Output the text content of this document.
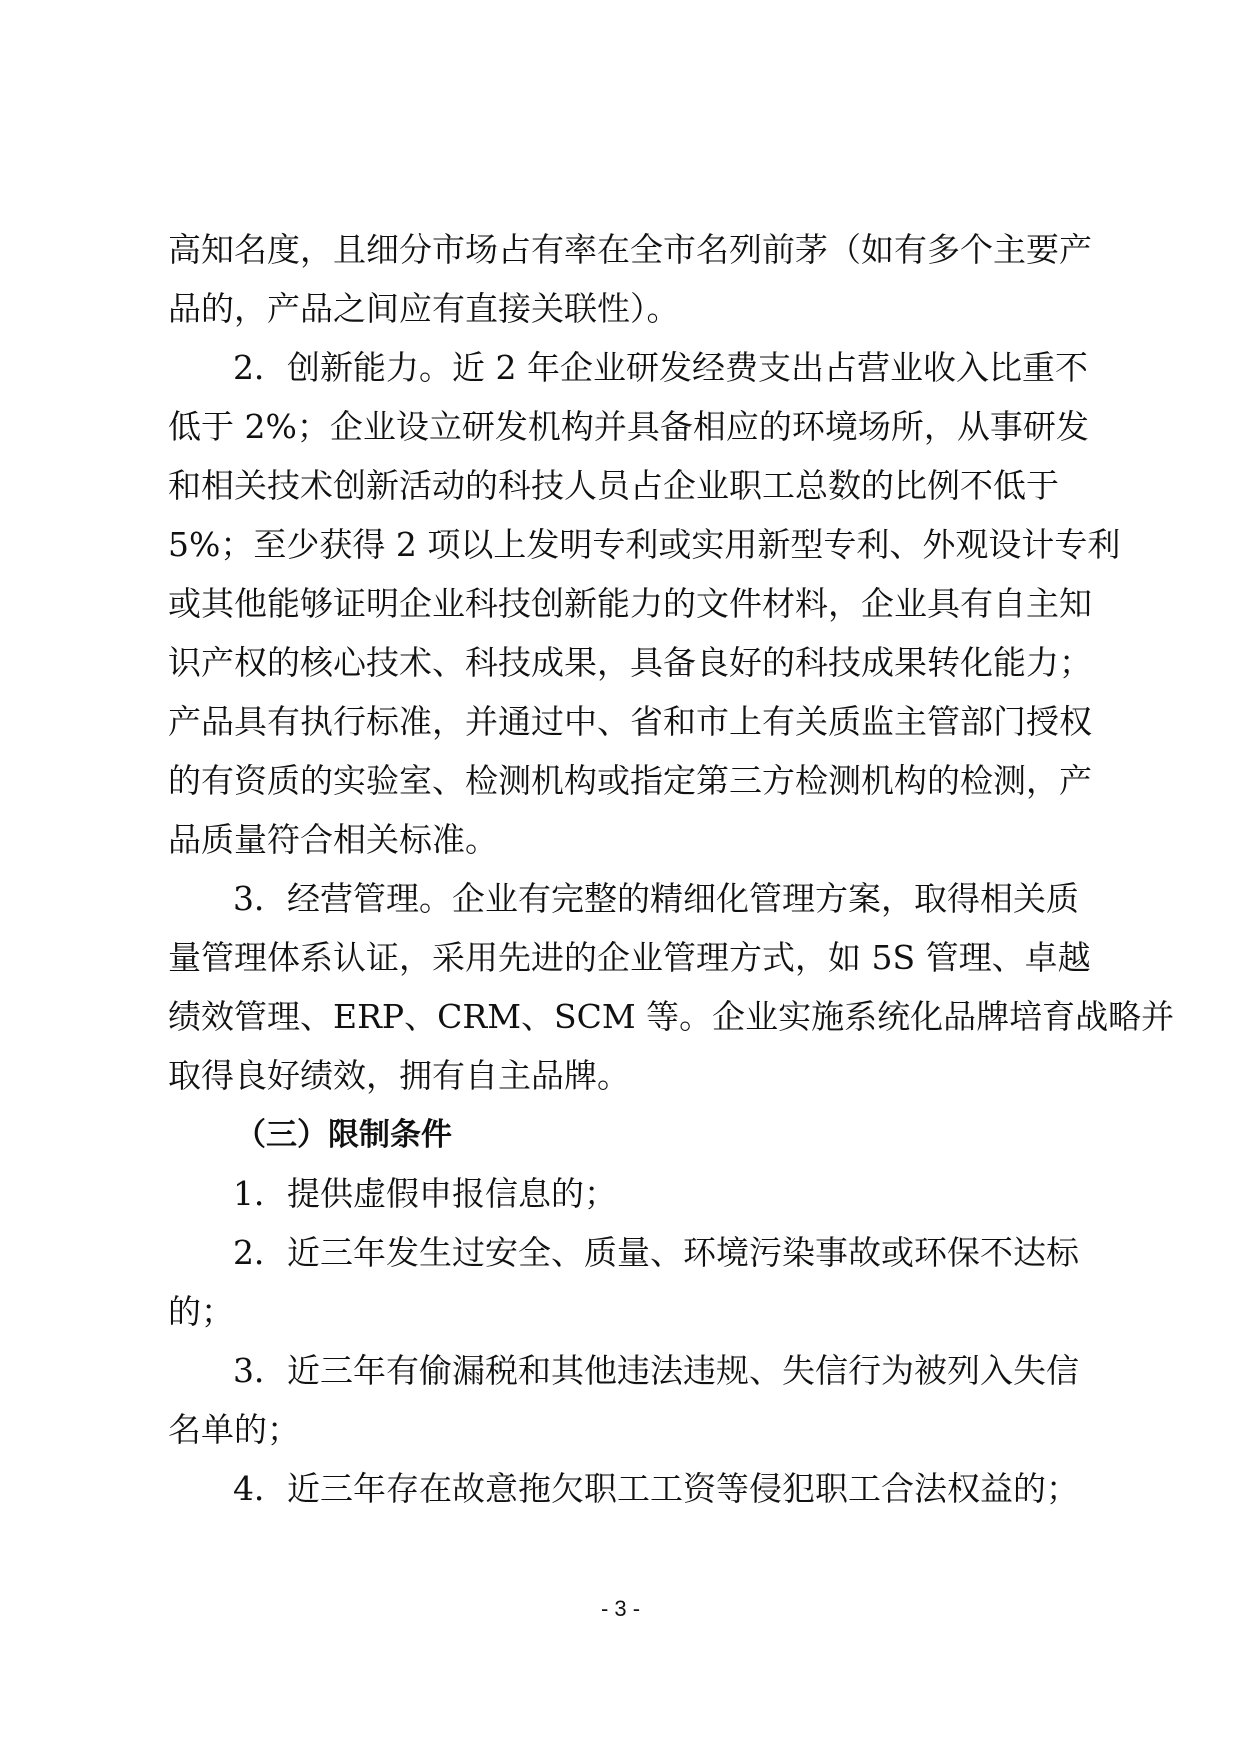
高知名度，且细分市场占有率在全市名列前茅（如有多个主要产
品的，产品之间应有直接关联性）。
2．创新能力。近 2 年企业研发经费支出占营业收入比重不
低于 2%；企业设立研发机构并具备相应的环境场所，从事研发
和相关技术创新活动的科技人员占企业职工总数的比例不低于
5%；至少获得 2 项以上发明专利或实用新型专利、外观设计专利
或其他能够证明企业科技创新能力的文件材料，企业具有自主知
识产权的核心技术、科技成果，具备良好的科技成果转化能力；
产品具有执行标准，并通过中、省和市上有关质监主管部门授权
的有资质的实验室、检测机构或指定第三方检测机构的检测，产
品质量符合相关标准。
3．经营管理。企业有完整的精细化管理方案，取得相关质
量管理体系认证，采用先进的企业管理方式，如 5S 管理、卓越
绩效管理、ERP、CRM、SCM 等。企业实施系统化品牌培育战略并
取得良好绩效，拥有自主品牌。
（三）限制条件
1．提供虚假申报信息的；
2．近三年发生过安全、质量、环境污染事故或环保不达标
的；
3．近三年有偷漏税和其他违法违规、失信行为被列入失信
名单的；
4．近三年存在故意拖欠职工工资等侵犯职工合法权益的；
- 3 -
